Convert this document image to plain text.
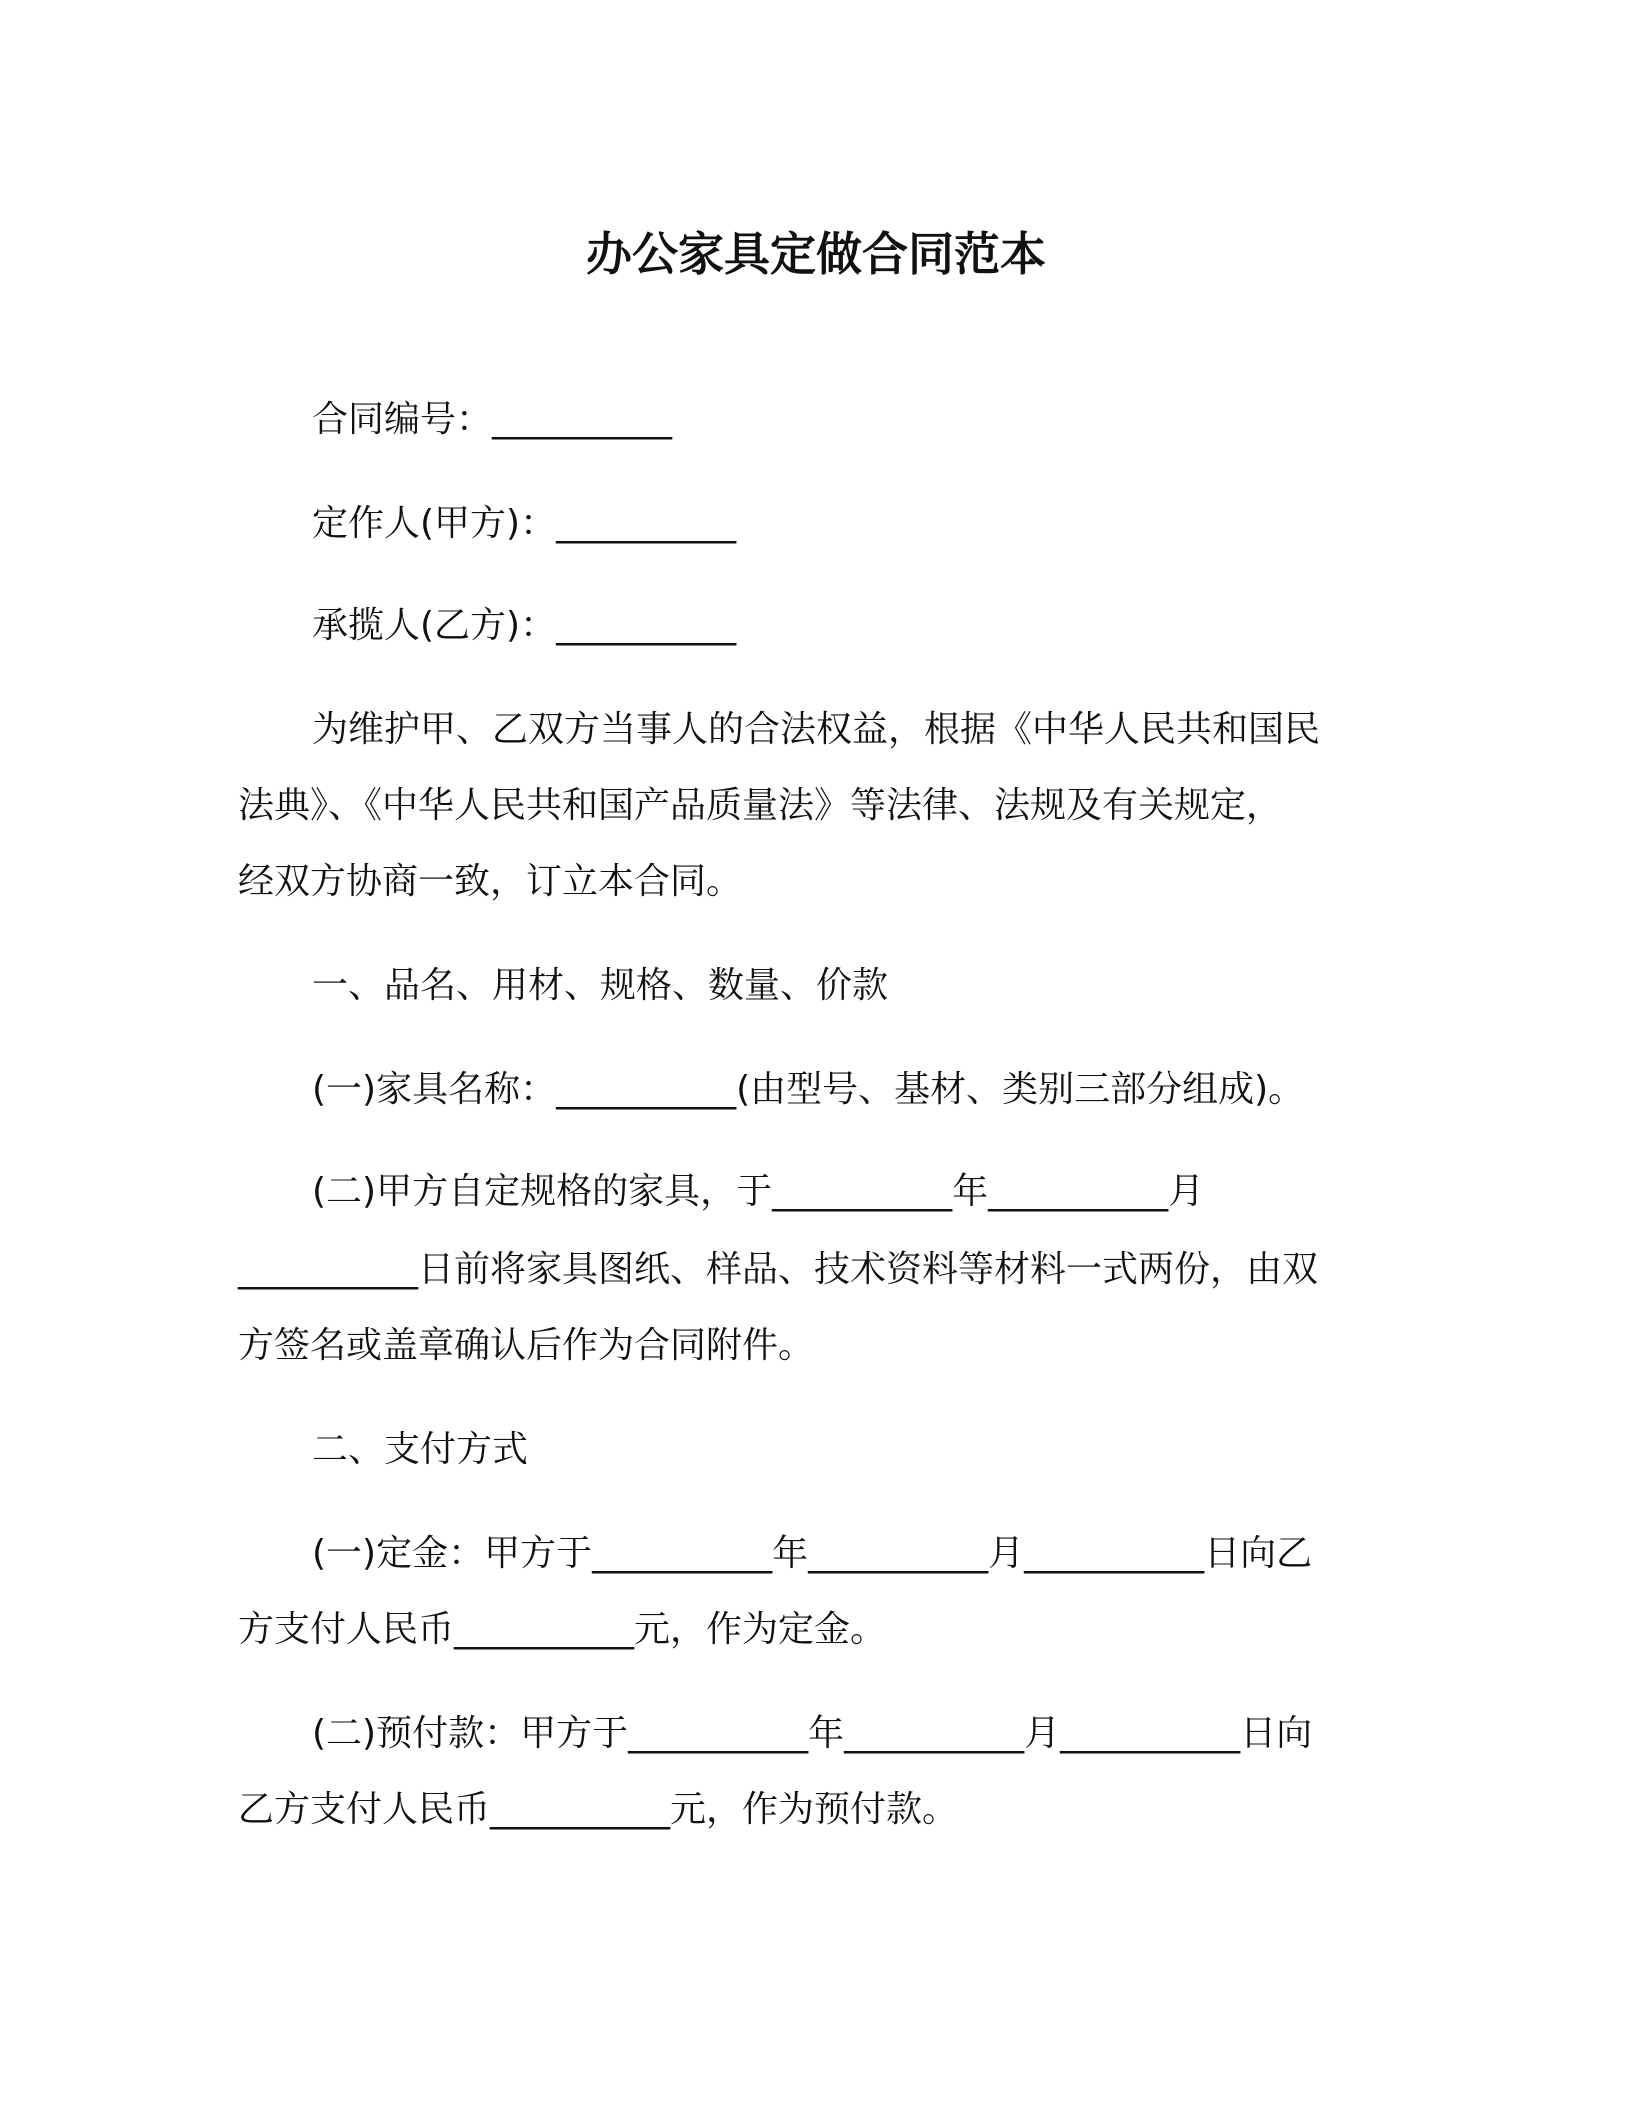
办公家具定做合同范本
合同编号：__________
定作人(甲方)：__________
承揽人(乙方)：__________
为维护甲、乙双方当事人的合法权益，根据《中华人民共和国民
法典》、《中华人民共和国产品质量法》等法律、法规及有关规定，
经双方协商一致，订立本合同。
一、品名、用材、规格、数量、价款
(一)家具名称：__________(由型号、基材、类别三部分组成)。
(二)甲方自定规格的家具，于__________年__________月
__________日前将家具图纸、样品、技术资料等材料一式两份，由双
方签名或盖章确认后作为合同附件。
二、支付方式
(一)定金：甲方于__________年__________月__________日向乙
方支付人民币__________元，作为定金。
(二)预付款：甲方于__________年__________月__________日向
乙方支付人民币__________元，作为预付款。
